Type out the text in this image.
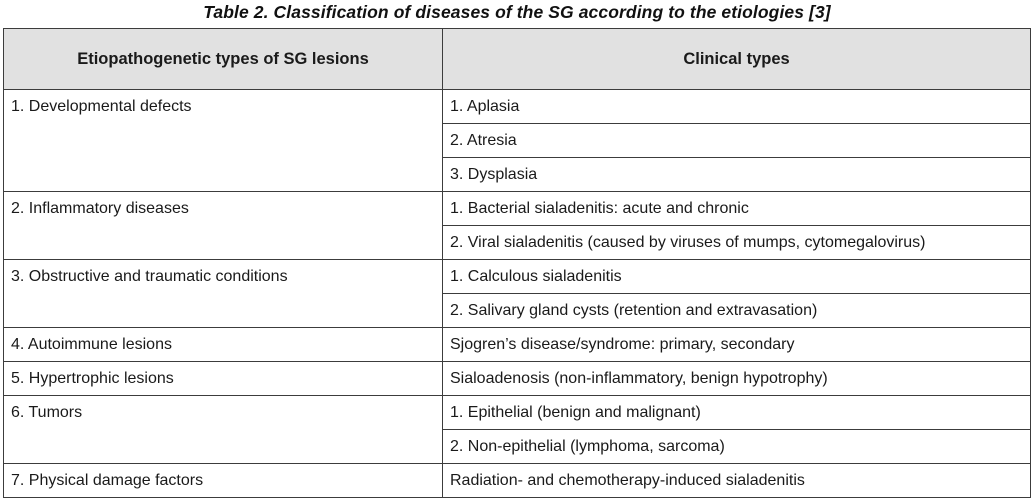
Table 2. Classification of diseases of the SG according to the etiologies [3]
Etiopathogenetic types of SG lesions	Clinical types
1. Developmental defects	1. Aplasia
	2. Atresia
	3. Dysplasia
2. Inflammatory diseases	1. Bacterial sialadenitis: acute and chronic
	2. Viral sialadenitis (caused by viruses of mumps, cytomegalovirus)
3. Obstructive and traumatic conditions	1. Calculous sialadenitis
	2. Salivary gland cysts (retention and extravasation)
4. Autoimmune lesions	Sjogren’s disease/syndrome: primary, secondary
5. Hypertrophic lesions	Sialoadenosis (non-inflammatory, benign hypotrophy)
6. Tumors	1. Epithelial (benign and malignant)
	2. Non-epithelial (lymphoma, sarcoma)
7. Physical damage factors	Radiation- and chemotherapy-induced sialadenitis
